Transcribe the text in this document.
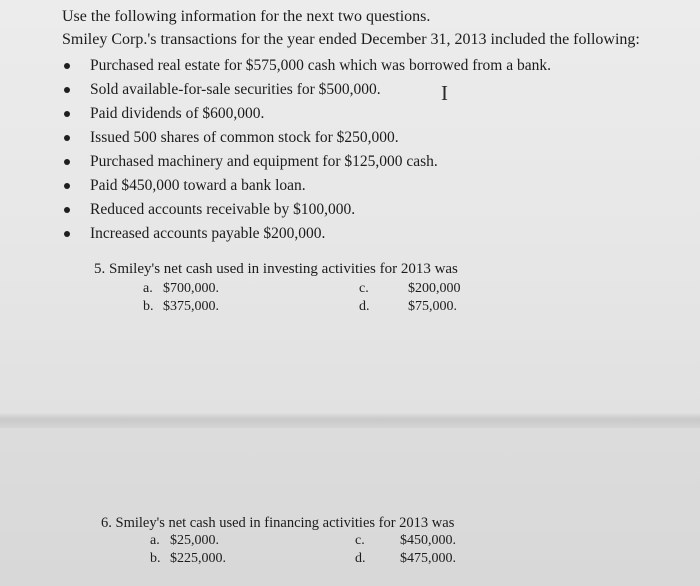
Use the following information for the next two questions.
Smiley Corp.'s transactions for the year ended December 31, 2013 included the following:
Purchased real estate for $575,000 cash which was borrowed from a bank.
Sold available-for-sale securities for $500,000.
Paid dividends of $600,000.
Issued 500 shares of common stock for $250,000.
Purchased machinery and equipment for $125,000 cash.
Paid $450,000 toward a bank loan.
Reduced accounts receivable by $100,000.
Increased accounts payable $200,000.
I
5. Smiley's net cash used in investing activities for 2013 was
a. $700,000.
b. $375,000.
c.	$200,000
d.	$75,000.
6. Smiley's net cash used in financing activities for 2013 was
a. $25,000.
b. $225,000.
c.	$450,000.
d. $475,000.
